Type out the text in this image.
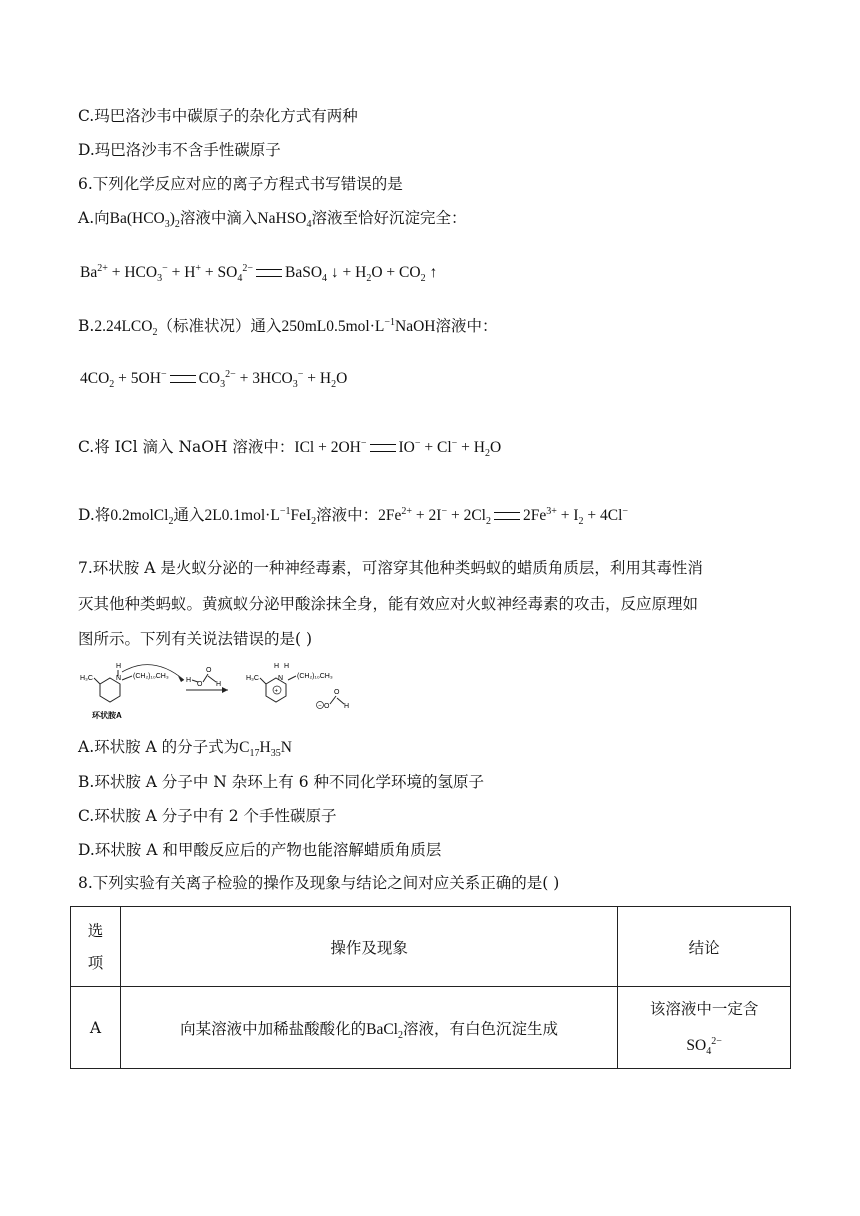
C.玛巴洛沙韦中碳原子的杂化方式有两种
D.玛巴洛沙韦不含手性碳原子
6.下列化学反应对应的离子方程式书写错误的是
A.向$Ba(HCO_3)_2$溶液中滴入NaHSO$_4$溶液至恰好沉淀完全：
$Ba^{2+} + HCO_3^- + H^+ + SO_4^{2-}$ BaSO$_4$ ↓ + $H_2O + CO_2$ ↑
$B.2.24LCO_2$（标准状况）通入$250mL0.5mol\cdot L^{-1}NaOH$溶液中：
$4CO_2 + 5OH^-$ $CO_3^{2-} + 3HCO_3^- + H_2O$
C.将 ICl 滴入 NaOH 溶液中：ICl + 2OH− $IO^- + Cl^- + H_2O$
D.将0.2molCl$_2$通入$2L0.1mol\cdot L^{-1}FeI_2$溶液中：$2Fe^{2+} + 2I^- + 2Cl_2$ $2Fe^{3+} + I_2 + 4Cl^-$
7.环状胺 A 是火蚁分泌的一种神经毒素，可溶穿其他种类蚂蚁的蜡质角质层，利用其毒性消
灭其他种类蚂蚁。黄疯蚁分泌甲酸涂抹全身，能有效应对火蚁神经毒素的攻击，反应原理如
图所示。下列有关说法错误的是( )
H₃C
H
N (CH₂)₁₀CH₃
环状胺A
H
O
O
H
H₃C
H H
N
+
(CH₂)₁₀CH₃
− O
O
H
A.环状胺 A 的分子式为$C_{17}H_{35}N$
B.环状胺 A 分子中 N 杂环上有 6 种不同化学环境的氢原子
C.环状胺 A 分子中有 2 个手性碳原子
D.环状胺 A 和甲酸反应后的产物也能溶解蜡质角质层
8.下列实验有关离子检验的操作及现象与结论之间对应关系正确的是( )
选
项	操作及现象	结论
A	向某溶液中加稀盐酸酸化的BaCl$_2$溶液，有白色沉淀生成	该溶液中一定含
$SO_4^{2-}$
